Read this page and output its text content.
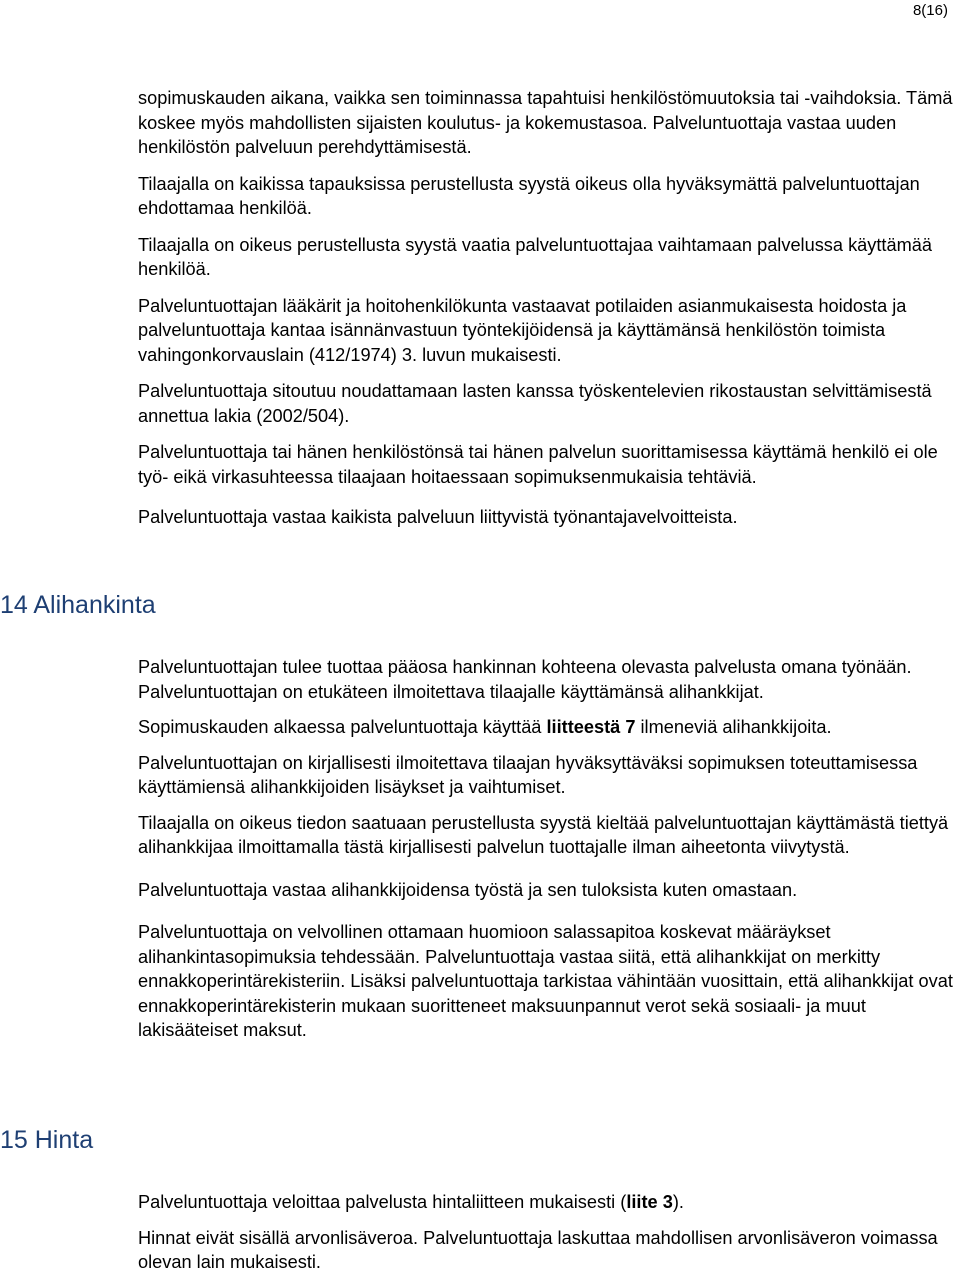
8(16)

sopimuskauden aikana, vaikka sen toiminnassa tapahtuisi henkilöstömuutoksia tai -vaihdoksia. Tämä koskee myös mahdollisten sijaisten koulutus- ja kokemustasoa. Palveluntuottaja vastaa uuden henkilöstön palveluun perehdyttämisestä.

Tilaajalla on kaikissa tapauksissa perustellusta syystä oikeus olla hyväksymättä palveluntuottajan ehdottamaa henkilöä.

Tilaajalla on oikeus perustellusta syystä vaatia palveluntuottajaa vaihtamaan palvelussa käyttämää henkilöä.

Palveluntuottajan lääkärit ja hoitohenkilökunta vastaavat potilaiden asianmukaisesta hoidosta ja palveluntuottaja kantaa isännänvastuun työntekijöidensä ja käyttämänsä henkilöstön toimista vahingonkorvauslain (412/1974) 3. luvun mukaisesti.

Palveluntuottaja sitoutuu noudattamaan lasten kanssa työskentelevien rikostaustan selvittämisestä annettua lakia (2002/504).

Palveluntuottaja tai hänen henkilöstönsä tai hänen palvelun suorittamisessa käyttämä henkilö ei ole työ- eikä virkasuhteessa tilaajaan hoitaessaan sopimuksenmukaisia tehtäviä.

Palveluntuottaja vastaa kaikista palveluun liittyvistä työnantajavelvoitteista.

14 Alihankinta

Palveluntuottajan tulee tuottaa pääosa hankinnan kohteena olevasta palvelusta omana työnään. Palveluntuottajan on etukäteen ilmoitettava tilaajalle käyttämänsä alihankkijat.

Sopimuskauden alkaessa palveluntuottaja käyttää liitteestä 7 ilmeneviä alihankkijoita.

Palveluntuottajan on kirjallisesti ilmoitettava tilaajan hyväksyttäväksi sopimuksen toteuttamisessa käyttämiensä alihankkijoiden lisäykset ja vaihtumiset.

Tilaajalla on oikeus tiedon saatuaan perustellusta syystä kieltää palveluntuottajan käyttämästä tiettyä alihankkijaa ilmoittamalla tästä kirjallisesti palvelun tuottajalle ilman aiheetonta viivytystä.

Palveluntuottaja vastaa alihankkijoidensa työstä ja sen tuloksista kuten omastaan.

Palveluntuottaja on velvollinen ottamaan huomioon salassapitoa koskevat määräykset alihankintasopimuksia tehdessään. Palveluntuottaja vastaa siitä, että alihankkijat on merkitty ennakkoperintärekisteriin. Lisäksi palveluntuottaja tarkistaa vähintään vuosittain, että alihankkijat ovat ennakkoperintärekisterin mukaan suoritteneet maksuunpannut verot sekä sosiaali- ja muut lakisääteiset maksut.

15 Hinta

Palveluntuottaja veloittaa palvelusta hintaliitteen mukaisesti (liite 3).

Hinnat eivät sisällä arvonlisäveroa. Palveluntuottaja laskuttaa mahdollisen arvonlisäveron voimassa olevan lain mukaisesti.
